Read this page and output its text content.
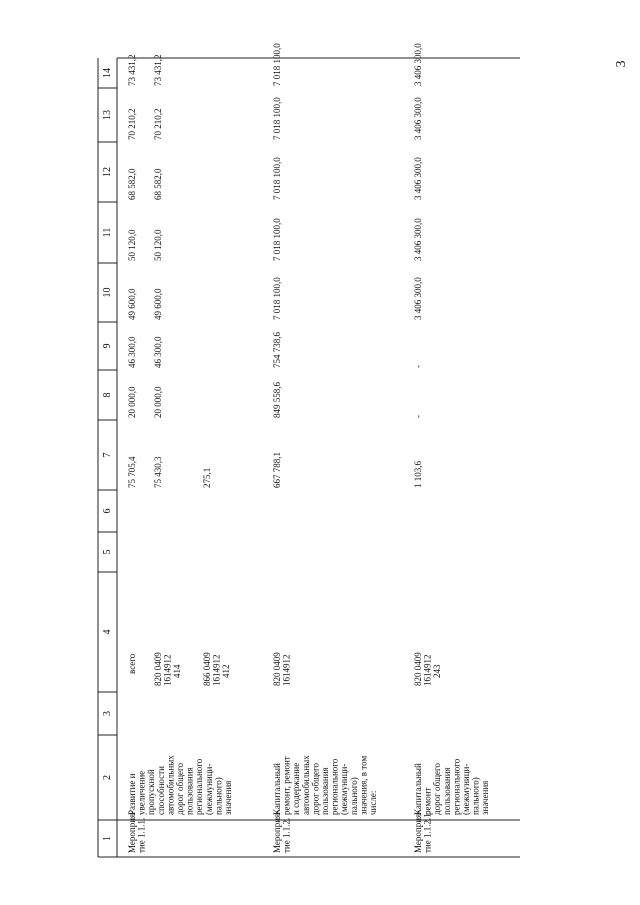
3
1
2
3
4
5
6
7
8
9
10
11
12
13
14
Мероприя- тие 1.1.1.
Развитие и увеличение пропускной способности автомобильных дорог общего пользования регионального (межмуници- пального) значения
всего
75 705,4
20 000,0
46 300,0
49 600,0
50 120,0
68 582,0
70 210,2
73 431,2
820 0409 1614912 414
75 430,3
20 000,0
46 300,0
49 600,0
50 120,0
68 582,0
70 210,2
73 431,2
866 0409 1614912 412
275,1
Мероприя- тие 1.1.2.
Капитальный ремонт, ремонт и содержание автомобильных дорог общего пользования регионального (межмуници- пального) значения, в том числе:
820 0409 1614912
667 788,1
849 558,6
754 738,6
7 018 100,0
7 018 100,0
7 018 100,0
7 018 100,0
7 018 100,0
Мероприя- тие 1.1.2.1.
Капитальный ремонт дорог общего пользования регионального (межмуници- пального) значения
820 0409 1614912 243
1 103,6
-
-
3 406 300,0
3 406 300,0
3 406 300,0
3 406 300,0
3 406 300,0
